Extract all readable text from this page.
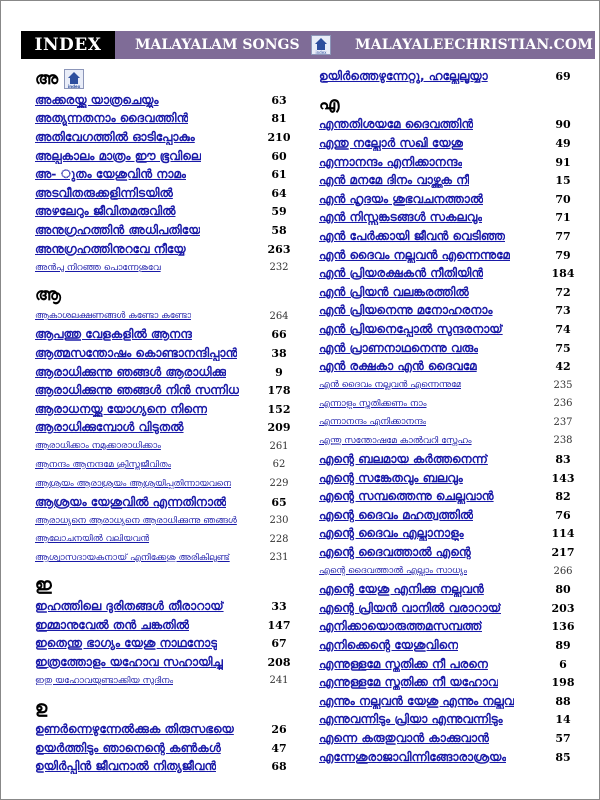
INDEX	MALAYALAM SONGS	index MALAYALEECHRISTIAN.COM
അ	index
അക്കരയ്ക്കു യാത്രചെയ്യും	63
അത്യുന്നതനാം ദൈവത്തിൻ	81
അതിവേഗത്തിൽ ഓടിപ്പോകും	210
അല്പകാലം മാത്രം ഈ ഭൂവിലെ	60
അ- ുതം യേശുവിൻ നാമം	61
അടവീതരുക്കളിന്നിടയിൽ	64
അഴലേറും ജീവിതമരുവിൽ	59
അനുഗ്രഹത്തിൻ അധിപതിയേ	58
അനുഗ്രഹത്തിനുറവേ നീയ്യേ	263
അൻപു നിറഞ്ഞ പൊന്നേശുവേ	232
ആ
ആകാശലക്ഷണങ്ങൾ കണ്ടോ കണ്ടോ	264
ആപത്തു വേളകളിൽ ആനന്ദ	66
ആത്മസന്തോഷം കൊണ്ടാനന്ദിപ്പാൻ	38
ആരാധിക്കുന്നു ഞങ്ങൾ ആരാധിക്കു	9
ആരാധിക്കുന്നു ഞങ്ങൾ നിൻ സന്നിധ	178
ആരാധനയ്ക്കു യോഗ്യനെ നിന്നെ	152
ആരാധിക്കുമ്പോൾ വിടുതൽ	209
ആരാധിക്കാം നമുക്കാരാധിക്കാം	261
ആനന്ദം ആനന്ദമേ ക്രിസ്തുജീവിതം	62
ആശ്രയം ആരാശ്രയം ആശ്രയിപ്പതിന്നായവനെ	229
ആശ്രയം യേശുവിൽ എന്നതിനാൽ	65
ആരാധ്യനെ ആരാധ്യനെ ആരാധിക്കുന്നു ഞങ്ങൾ	230
ആലോചനയിൽ വലിയവൻ	228
ആശ്വാസദായകനായ് എനിക്കേശു അരികിലുണ്ട്	231
ഇ
ഇഹത്തിലെ ദുരിതങ്ങൾ തീരാറായ്	33
ഇമ്മാനുവേൽ തൻ ചങ്കതിൽ	147
ഇതെന്തു ഭാഗ്യം യേശു നാഥനോടു	67
ഇത്രത്തോളം യഹോവ സഹായിച്ചു	208
ഇതു യഹോവയുണ്ടാക്കിയ സുദിനം	241
ഉ
ഉണർന്നെഴുന്നേൽക്കുക തിരുസഭയെ	26
ഉയർത്തിടും ഞാനെന്റെ കൺകൾ	47
ഉയിർപ്പിൻ ജീവനാൽ നിത്യജീവൻ	68
ഉയിർത്തെഴുന്നേറ്റു, ഹല്ലേലൂയ്യാ	69
എ
എന്തതിശയമേ ദൈവത്തിൻ	90
എന്തു നല്ലോർ സഖി യേശു	49
എന്നാനന്ദം എനിക്കാനന്ദം	91
എൻ മനമേ ദിനം വാഴ്ത്തുക നീ	15
എൻ ഹൃദയം ശുഭവചനത്താൽ	70
എൻ നിസ്സങ്കടങ്ങൾ സകലവും	71
എൻ പേർക്കായി ജീവൻ വെടിഞ്ഞ	77
എൻ ദൈവം നല്ലവൻ എന്നെന്നുമേ	79
എൻ പ്രിയരക്ഷകൻ നീതിയിൻ	184
എൻ പ്രിയൻ വലങ്കരത്തിൽ	72
എൻ പ്രിയനെന്നു മനോഹരനാം	73
എൻ പ്രിയനെപ്പോൽ സുന്ദരനായ്	74
എൻ പ്രാണനാഥനെന്നു വരും	75
എൻ രക്ഷകാ എൻ ദൈവമേ	42
എൻ ദൈവം നല്ലവൻ എന്നെന്നുമേ	235
എന്നാളും സ്തുതിക്കണം നാം	236
എന്നാനന്ദം എനിക്കാനന്ദം	237
എന്തു സന്തോഷമേ കാൽവറി സ്നേഹം	238
എന്റെ ബലമായ കർത്തനെന്ന്	83
എന്റെ സങ്കേതവും ബലവും	143
എന്റെ സമ്പത്തെന്നു ചെല്ലുവാൻ	82
എന്റെ ദൈവം മഹത്വത്തിൽ	76
എന്റെ ദൈവം എല്ലാനാളും	114
എന്റെ ദൈവത്താൽ എന്റെ	217
എന്റെ ദൈവത്താൽ എല്ലാം സാധ്യം	266
എന്റെ യേശു എനിക്കു നല്ലവൻ	80
എന്റെ പ്രിയൻ വാനിൽ വരാറായ്	203
എനിക്കായൊരുത്തമസമ്പത്ത്	136
എനിക്കെന്റെ യേശുവിനെ	89
എന്നുള്ളമേ സ്തുതിക്ക നീ പരനെ	6
എന്നുള്ളമേ സ്തുതിക്ക നീ യഹോവ	198
എന്നും നല്ലവൻ യേശു എന്നും നല്ലവ	88
എന്നുവന്നിടും പ്രിയാ എന്നുവന്നിടും	14
എന്നെ കരുതുവാൻ കാക്കുവാൻ	57
എന്നേശുരാജാവിന്നിങ്ങോരാശ്രയം	85
